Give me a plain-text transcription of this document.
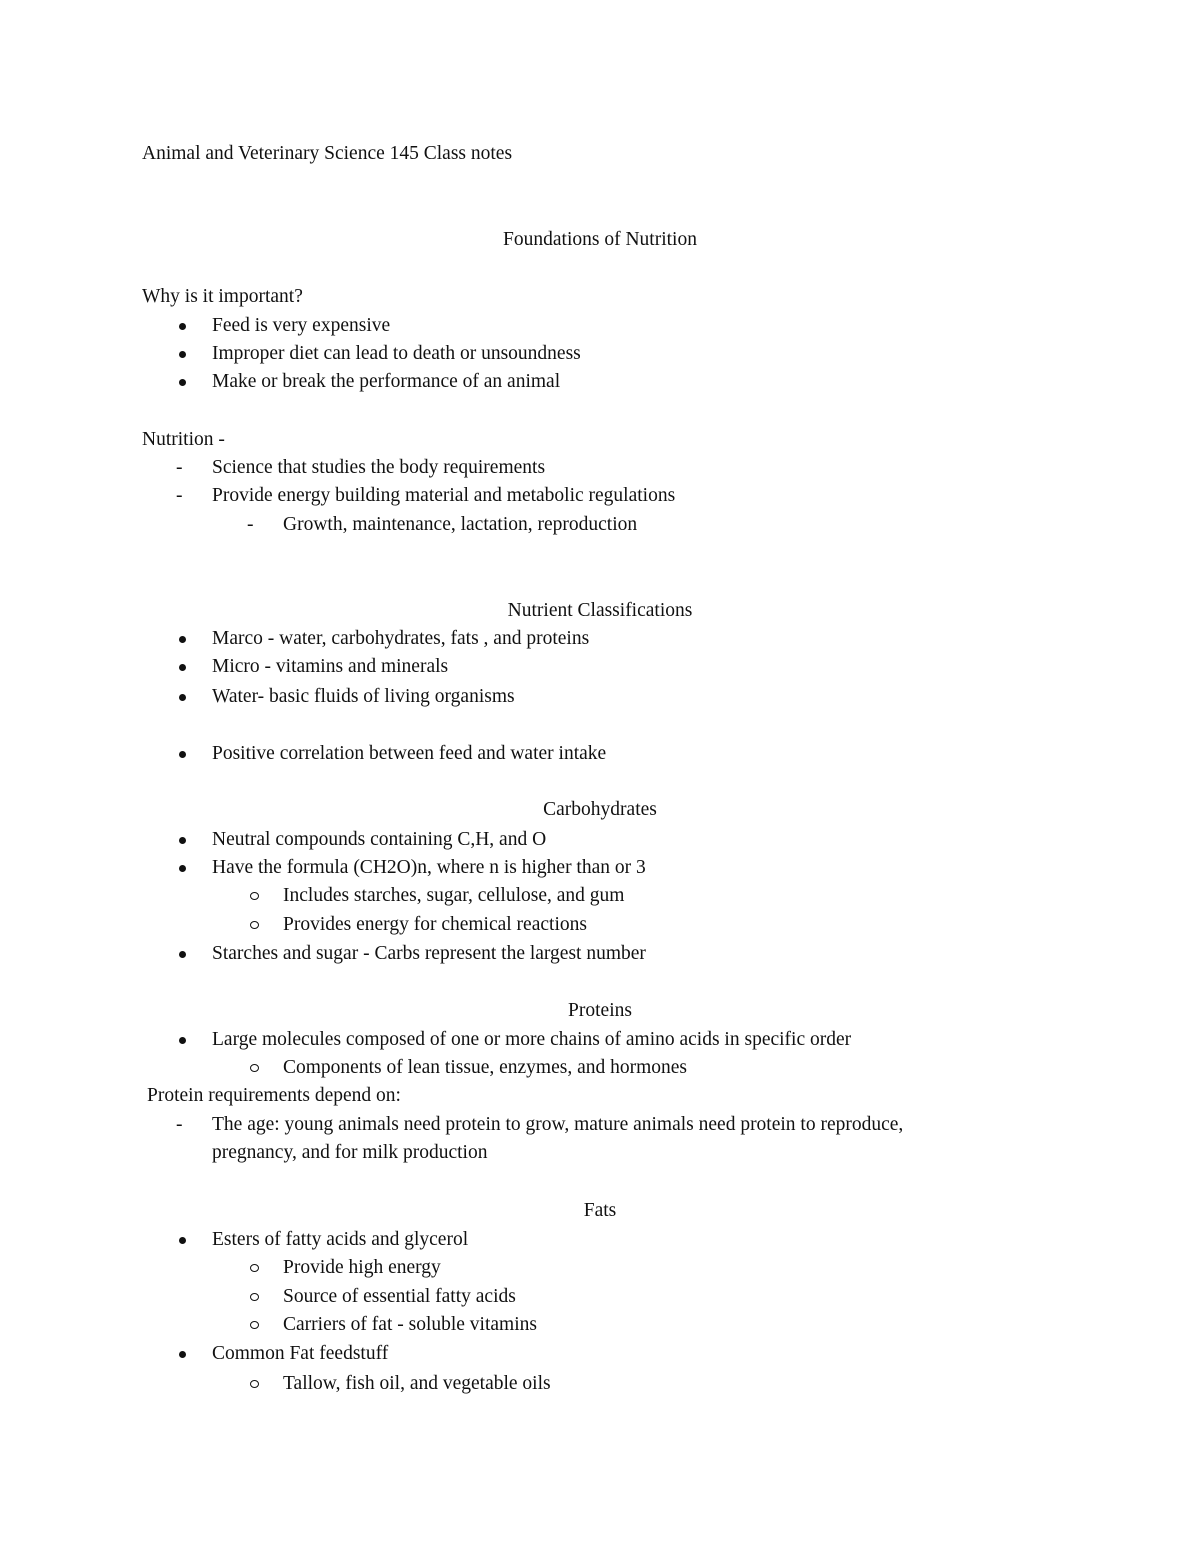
Animal and Veterinary Science 145 Class notes
Foundations of Nutrition
Why is it important?
Feed is very expensive
Improper diet can lead to death or unsoundness
Make or break the performance of an animal
Nutrition -
- Science that studies the body requirements
- Provide energy building material and metabolic regulations
- Growth, maintenance, lactation, reproduction
Nutrient Classifications
Marco - water, carbohydrates, fats , and proteins
Micro - vitamins and minerals
Water- basic fluids of living organisms
Positive correlation between feed and water intake
Carbohydrates
Neutral compounds containing C,H, and O
Have the formula (CH2O)n, where n is higher than or 3
Includes starches, sugar, cellulose, and gum
Provides energy for chemical reactions
Starches and sugar - Carbs represent the largest number
Proteins
Large molecules composed of one or more chains of amino acids in specific order
Components of lean tissue, enzymes, and hormones
Protein requirements depend on:
- The age: young animals need protein to grow, mature animals need protein to reproduce,
pregnancy, and for milk production
Fats
Esters of fatty acids and glycerol
Provide high energy
Source of essential fatty acids
Carriers of fat - soluble vitamins
Common Fat feedstuff
Tallow, fish oil, and vegetable oils
